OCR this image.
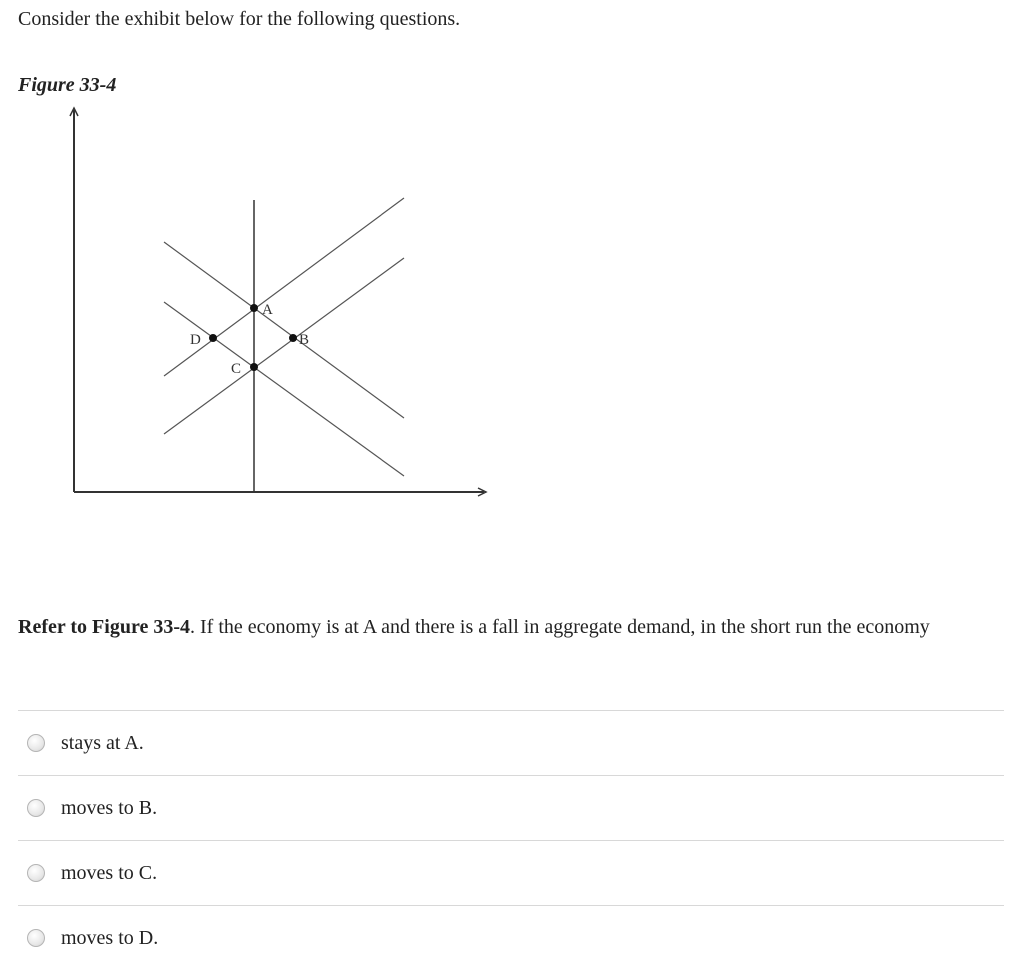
Consider the exhibit below for the following questions.
Figure 33-4
A
B
C
D
Refer to Figure 33-4. If the economy is at A and there is a fall in aggregate demand, in the short run the economy
stays at A.
moves to B.
moves to C.
moves to D.
